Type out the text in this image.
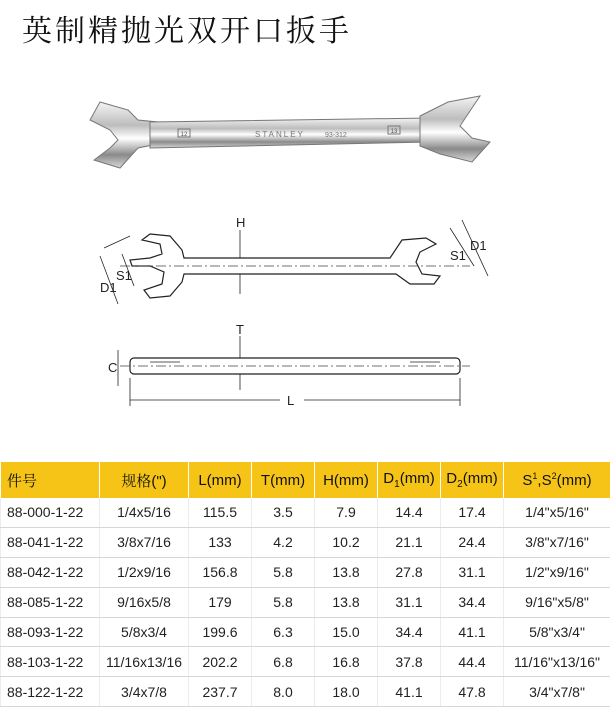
英制精抛光双开口扳手
12	STANLEY	93-312	13
H
S1
D1
S1
D1
T
C
L
件号	规格(")	L(mm)	T(mm)	H(mm)	$D_1(mm)$	$D_2(mm)$	$S^1,S^2(mm)$
88-000-1-22	1/4x5/16	115.5	3.5	7.9	14.4	17.4	1/4"x5/16"
88-041-1-22	3/8x7/16	133	4.2	10.2	21.1	24.4	3/8"x7/16"
88-042-1-22	1/2x9/16	156.8	5.8	13.8	27.8	31.1	1/2"x9/16"
88-085-1-22	9/16x5/8	179	5.8	13.8	31.1	34.4	9/16"x5/8"
88-093-1-22	5/8x3/4	199.6	6.3	15.0	34.4	41.1	5/8"x3/4"
88-103-1-22	11/16x13/16	202.2	6.8	16.8	37.8	44.4	11/16"x13/16"
88-122-1-22	3/4x7/8	237.7	8.0	18.0	41.1	47.8	3/4"x7/8"
